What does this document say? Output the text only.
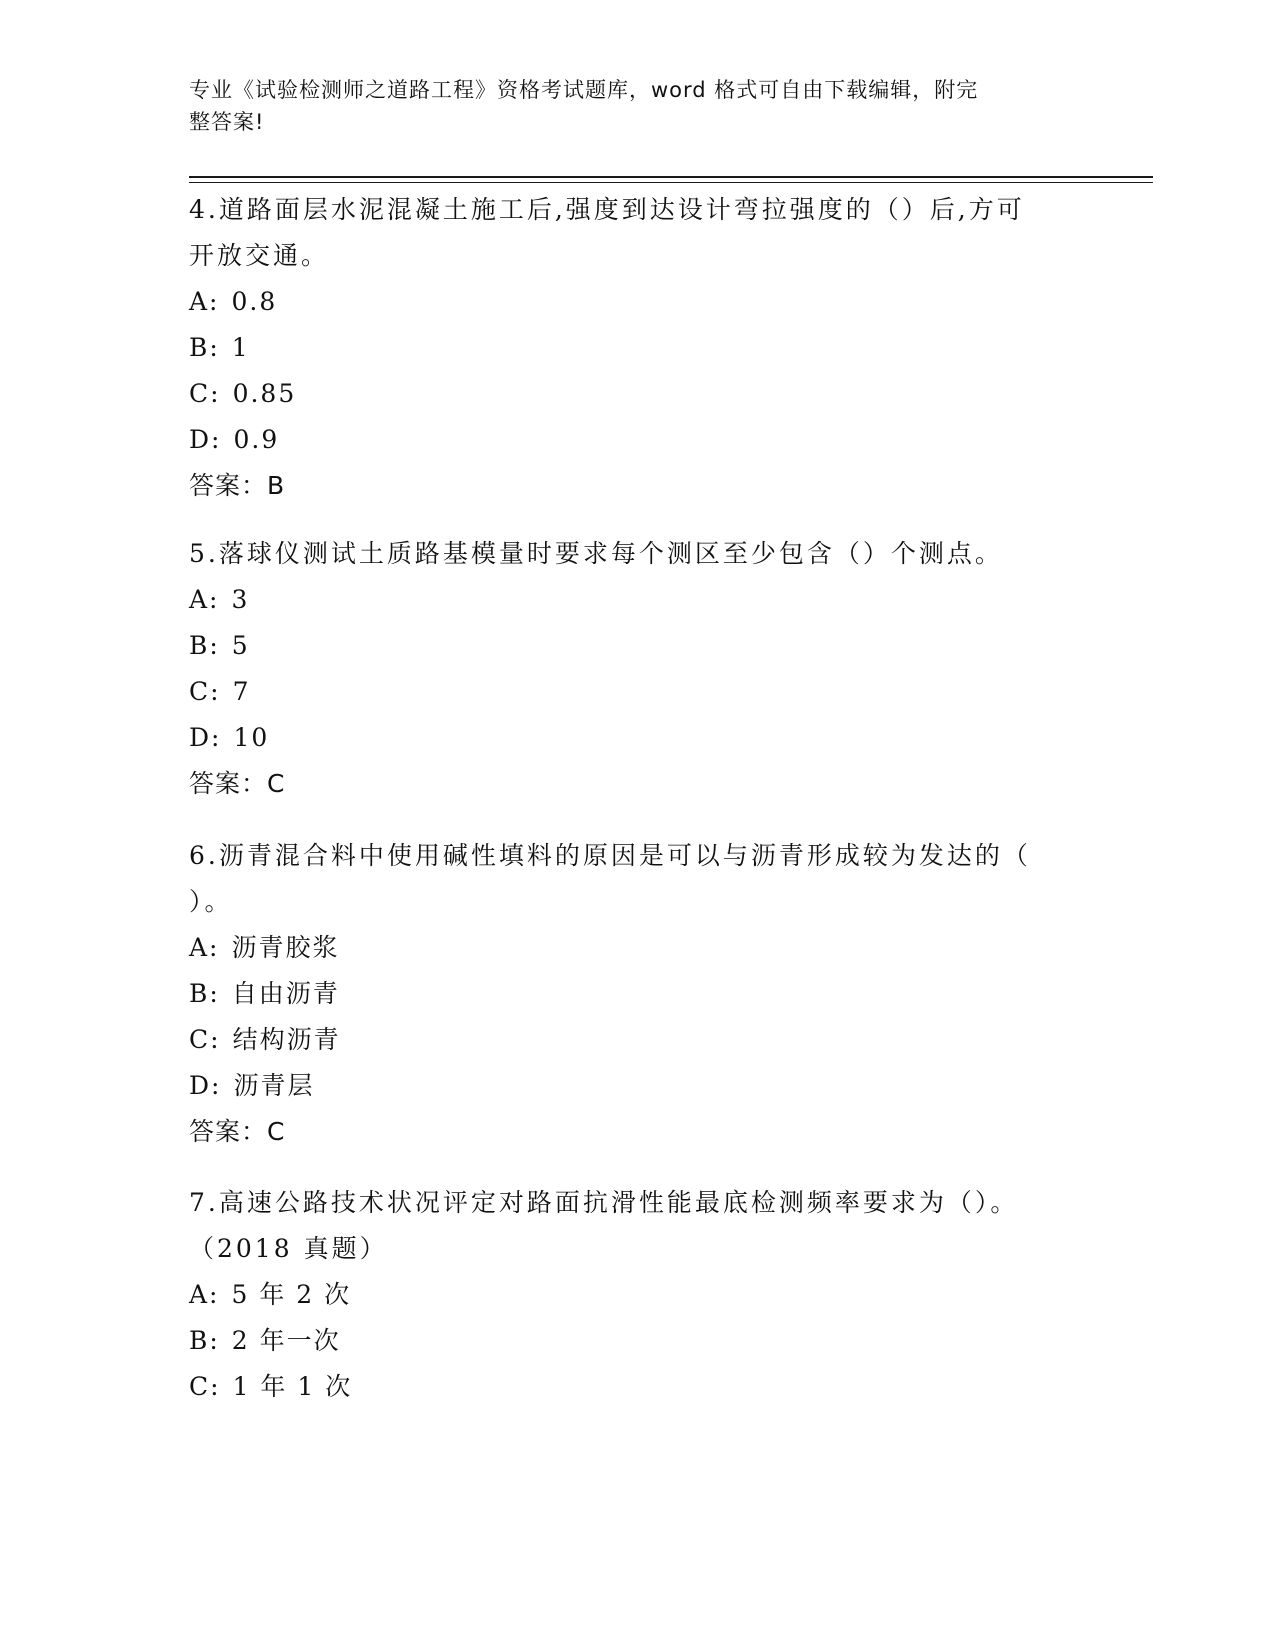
专业《试验检测师之道路工程》资格考试题库，word 格式可自由下载编辑，附完
整答案!

4.道路面层水泥混凝土施工后,强度到达设计弯拉强度的（）后,方可
开放交通。

A: 0.8

B: 1

C: 0.85

D: 0.9

答案：B

5.落球仪测试土质路基模量时要求每个测区至少包含（）个测点。

A: 3

B: 5

C: 7

D: 10

答案：C

6.沥青混合料中使用碱性填料的原因是可以与沥青形成较为发达的（
）。

A: 沥青胶浆

B: 自由沥青

C: 结构沥青

D: 沥青层

答案：C

7.高速公路技术状况评定对路面抗滑性能最底检测频率要求为（）。
（2018 真题）

A: 5 年 2 次

B: 2 年一次

C: 1 年 1 次
